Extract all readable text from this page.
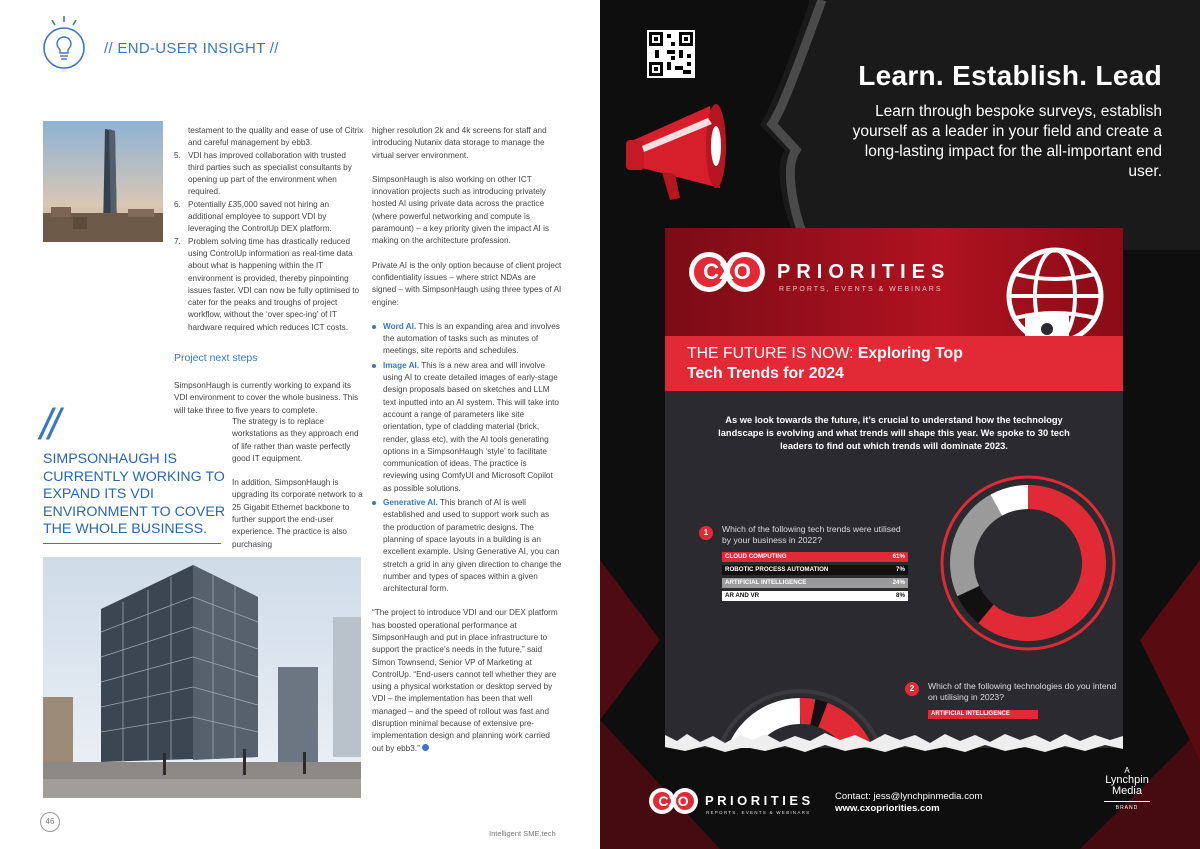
// END-USER INSIGHT //
testament to the quality and ease of use of Citrix and careful management by ebb3.
5. VDI has improved collaboration with trusted third parties such as specialist consultants by opening up part of the environment when required.
6. Potentially £35,000 saved not hiring an additional employee to support VDI by leveraging the ControlUp DEX platform.
7. Problem solving time has drastically reduced using ControlUp information as real-time data about what is happening within the IT environment is provided, thereby pinpointing issues faster. VDI can now be fully optimised to cater for the peaks and troughs of project workflow, without the ‘over spec-ing’ of IT hardware required which reduces ICT costs.
Project next steps
SimpsonHaugh is currently working to expand its VDI environment to cover the whole business. This will take three to five years to complete.

The strategy is to replace workstations as they approach end of life rather than waste perfectly good IT equipment.

In addition, SimpsonHaugh is upgrading its corporate network to a 25 Gigabit Ethernet backbone to further support the end-user experience. The practice is also purchasing

//
SIMPSONHAUGH IS CURRENTLY WORKING TO EXPAND ITS VDI ENVIRONMENT TO COVER THE WHOLE BUSINESS.

higher resolution 2k and 4k screens for staff and introducing Nutanix data storage to manage the virtual server environment.

SimpsonHaugh is also working on other ICT innovation projects such as introducing privately hosted AI using private data across the practice (where powerful networking and compute is paramount) – a key priority given the impact AI is making on the architecture profession.

Private AI is the only option because of client project confidentiality issues – where strict NDAs are signed – with SimpsonHaugh using three types of AI engine:

Word AI. This is an expanding area and involves the automation of tasks such as minutes of meetings, site reports and schedules.
Image AI. This is a new area and will involve using AI to create detailed images of early-stage design proposals based on sketches and LLM text inputted into an AI system. This will take into account a range of parameters like site orientation, type of cladding material (brick, render, glass etc), with the AI tools generating options in a SimpsonHaugh ‘style’ to facilitate communication of ideas. The practice is reviewing using ComfyUI and Microsoft Copilot as possible solutions.
Generative AI. This branch of AI is well established and used to support work such as the production of parametric designs. The planning of space layouts in a building is an excellent example. Using Generative AI, you can stretch a grid in any given direction to change the number and types of spaces within a given architectural form.

“The project to introduce VDI and our DEX platform has boosted operational performance at SimpsonHaugh and put in place infrastructure to support the practice’s needs in the future,” said Simon Townsend, Senior VP of Marketing at ControlUp. “End-users cannot tell whether they are using a physical workstation or desktop served by VDI – the implementation has been that well managed – and the speed of rollout was fast and disruption minimal because of extensive pre-implementation design and planning work carried out by ebb3.”

46
Intelligent SME.tech
Learn. Establish. Lead
Learn through bespoke surveys, establish yourself as a leader in your field and create a long-lasting impact for the all-important end user.
CXO PRIORITIES
REPORTS, EVENTS & WEBINARS
THE FUTURE IS NOW: Exploring Top
Tech Trends for 2024
As we look towards the future, it’s crucial to understand how the technology landscape is evolving and what trends will shape this year. We spoke to 30 tech leaders to find out which trends will dominate 2023.
1	Which of the following tech trends were utilised by your business in 2022?
CLOUD COMPUTING	61%
ROBOTIC PROCESS AUTOMATION	7%
ARTIFICIAL INTELLIGENCE	24%
AR AND VR	8%
2	Which of the following technologies do you intend on utilising in 2023?
ARTIFICIAL INTELLIGENCE
CXO PRIORITIES
REPORTS, EVENTS & WEBINARS
Contact: jess@lynchpinmedia.com
www.cxopriorities.com
A
Lynchpin
Media
BRAND
